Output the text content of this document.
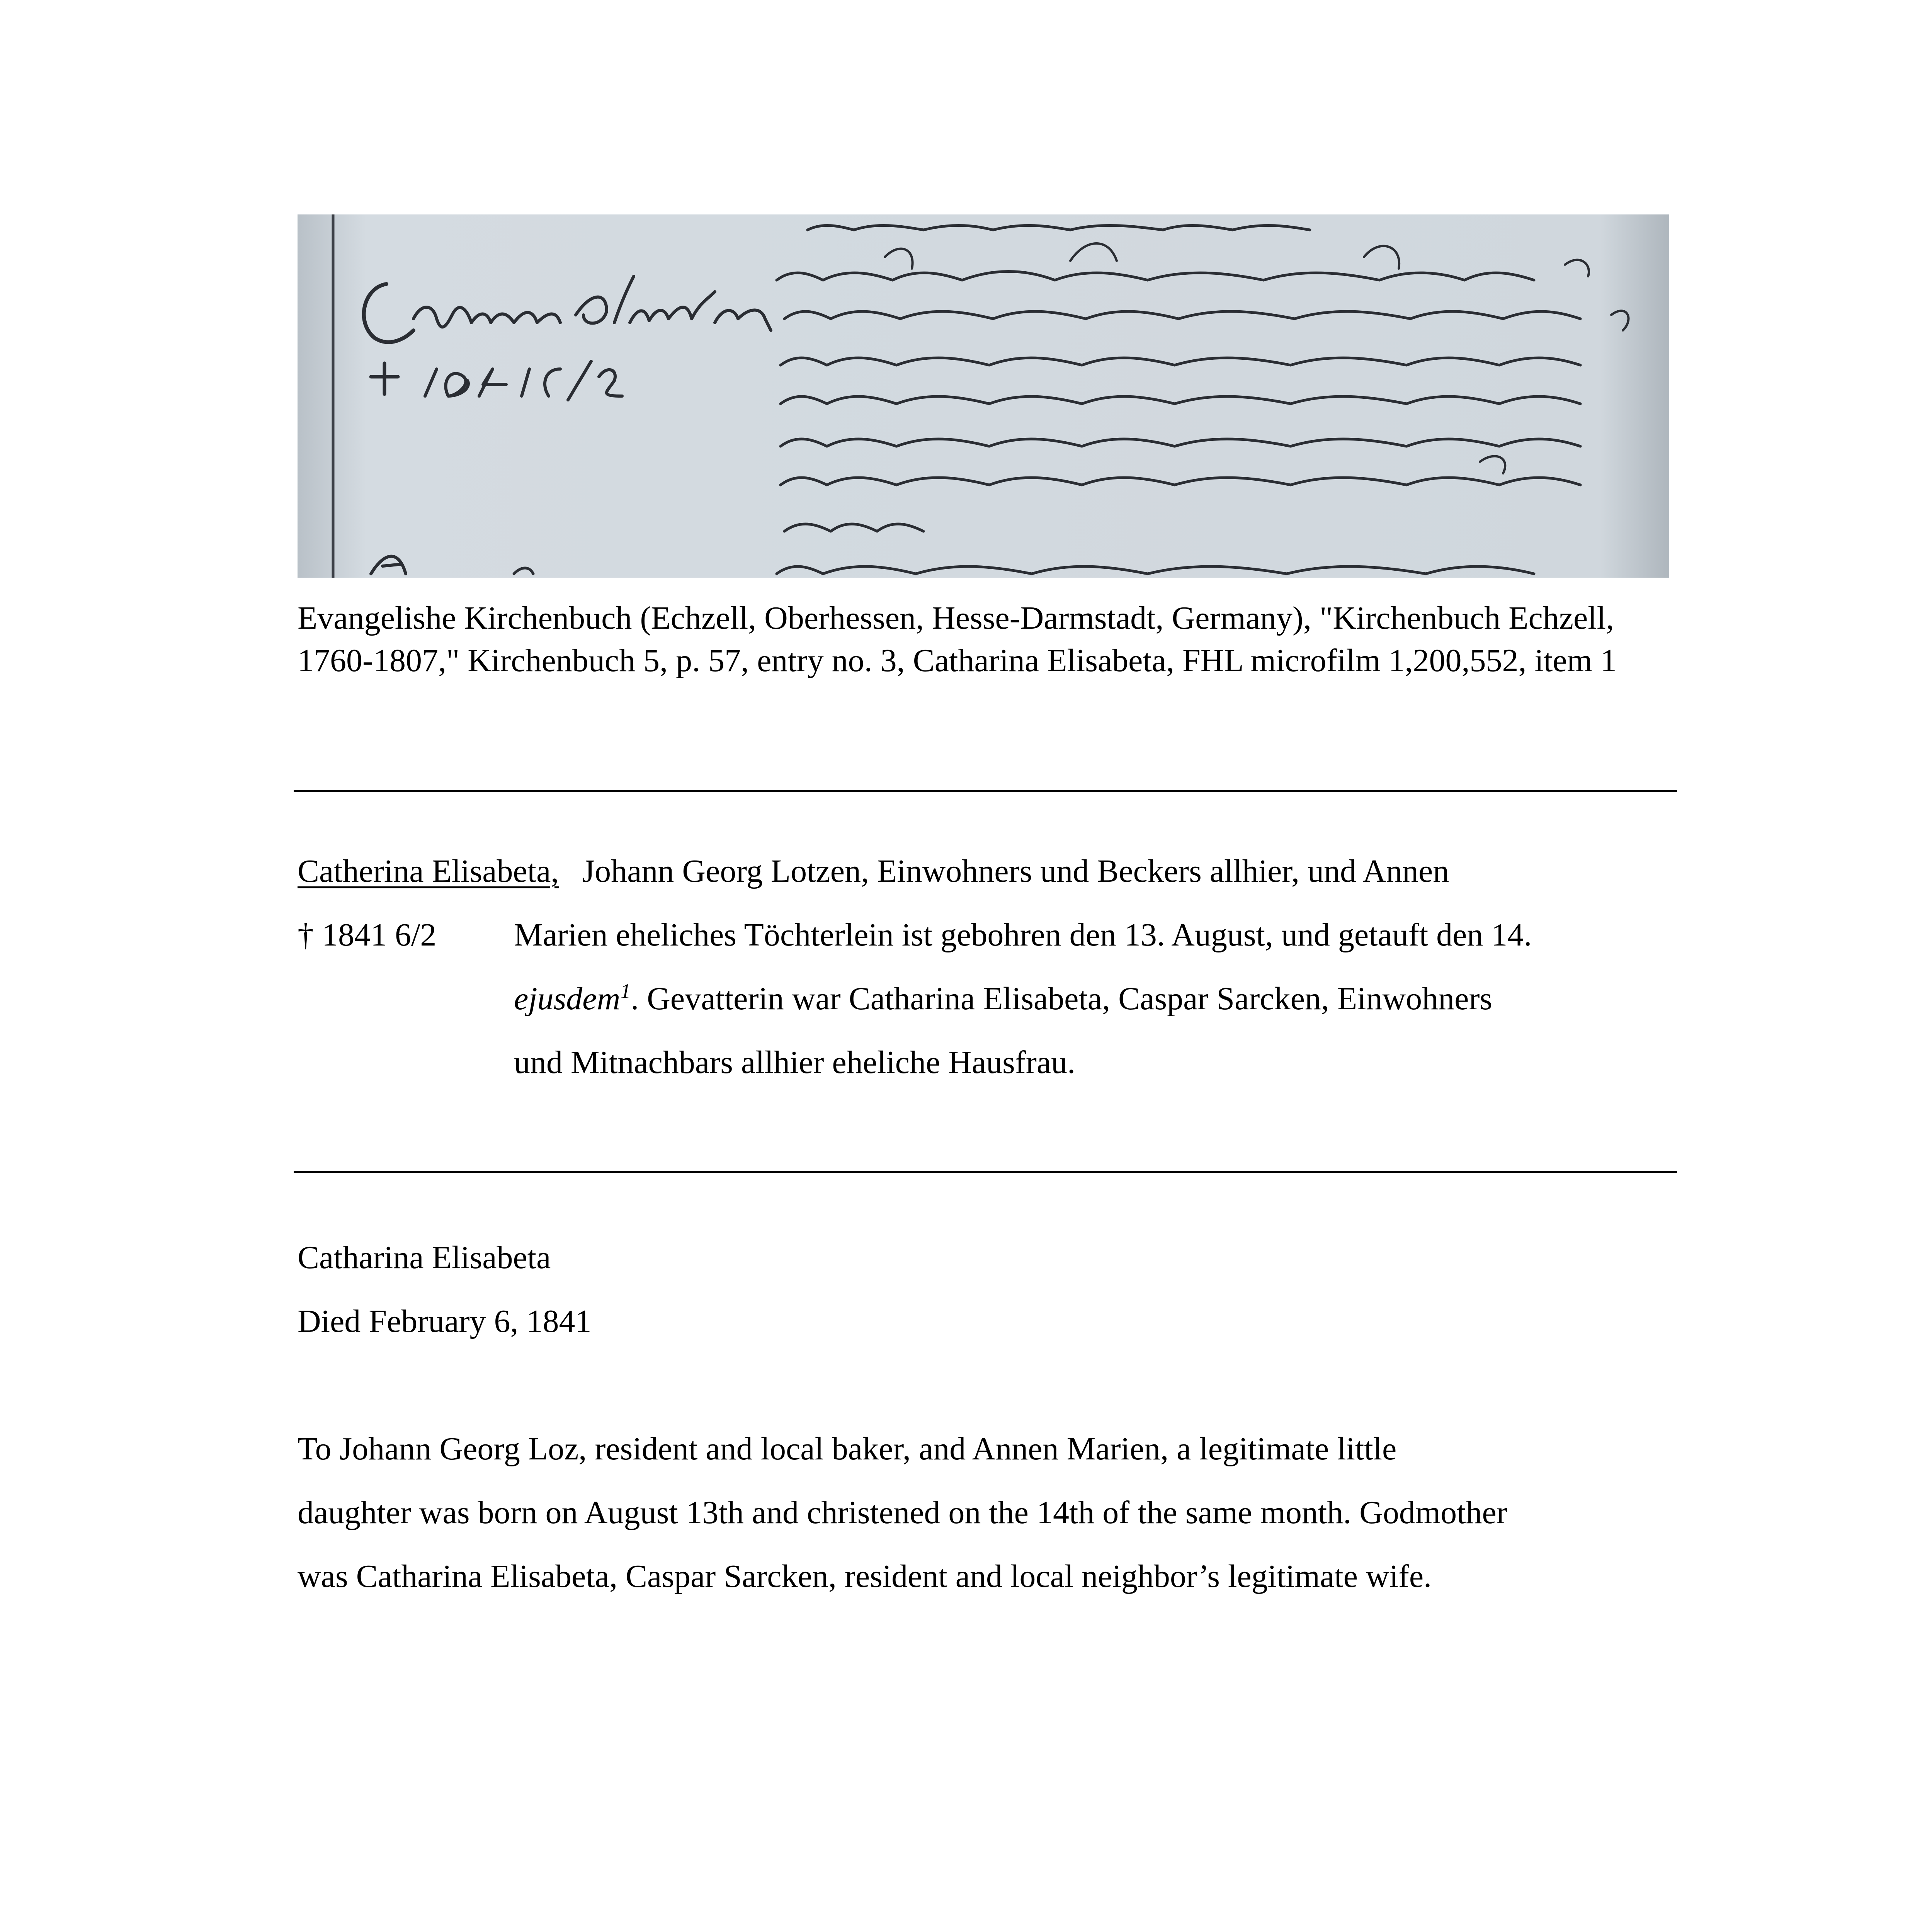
Evangelishe Kirchenbuch (Echzell, Oberhessen, Hesse-Darmstadt, Germany), "Kirchenbuch Echzell, 1760-1807," Kirchenbuch 5, p. 57, entry no. 3, Catharina Elisabeta, FHL microfilm 1,200,552, item 1

Catherina Elisabeta, Johann Georg Lotzen, Einwohners und Beckers allhier, und Annen
† 1841 6/2 Marien eheliches Töchterlein ist gebohren den 13. August, und getauft den 14.
ejusdem$^1$. Gevatterin war Catharina Elisabeta, Caspar Sarcken, Einwohners
und Mitnachbars allhier eheliche Hausfrau.
Catharina Elisabeta
Died February 6, 1841
To Johann Georg Loz, resident and local baker, and Annen Marien, a legitimate little
daughter was born on August 13th and christened on the 14th of the same month. Godmother
was Catharina Elisabeta, Caspar Sarcken, resident and local neighbor’s legitimate wife.
